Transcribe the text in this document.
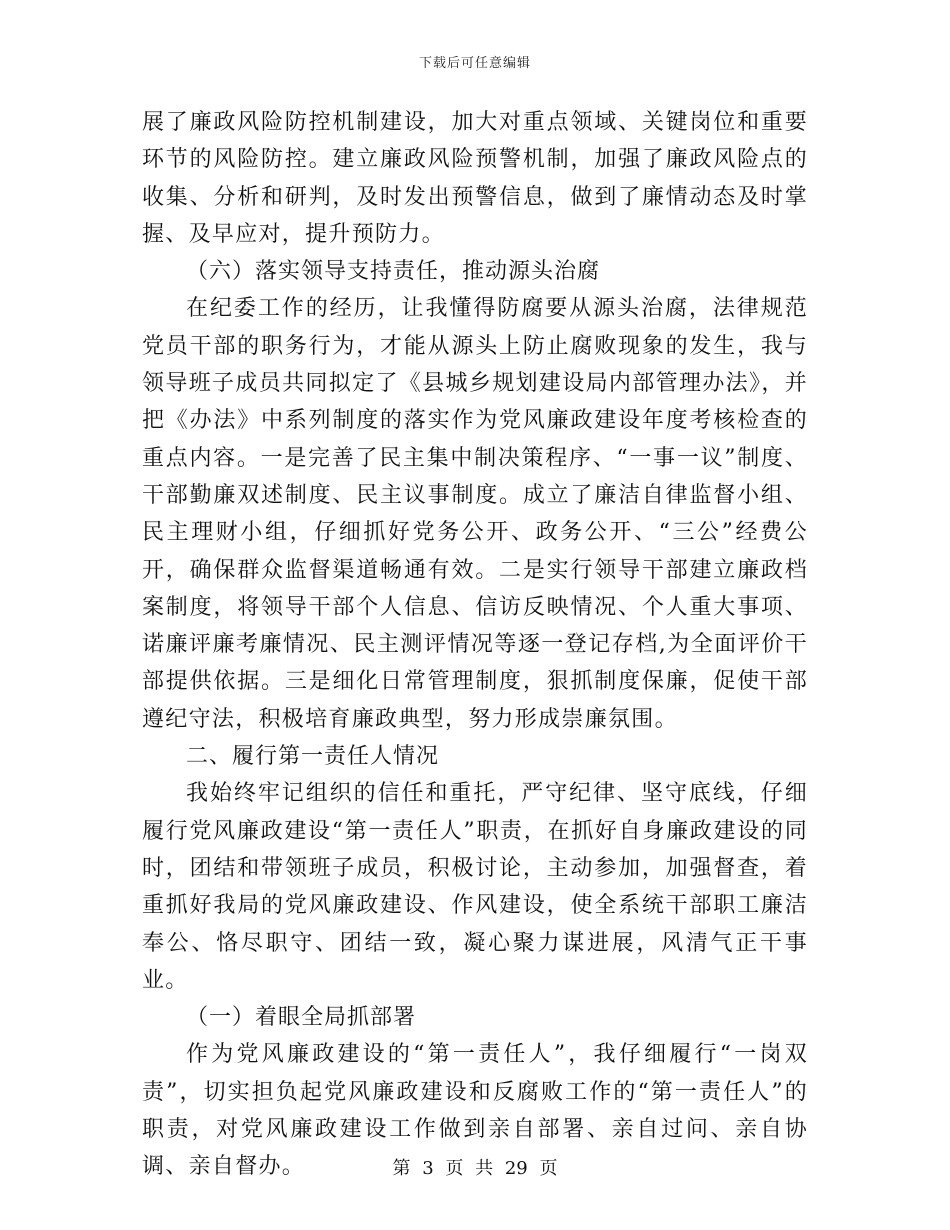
下载后可任意编辑

展了廉政风险防控机制建设，加大对重点领域、关键岗位和重要环节的风险防控。建立廉政风险预警机制，加强了廉政风险点的收集、分析和研判，及时发出预警信息，做到了廉情动态及时掌握、及早应对，提升预防力。

（六）落实领导支持责任，推动源头治腐

在纪委工作的经历，让我懂得防腐要从源头治腐，法律规范党员干部的职务行为，才能从源头上防止腐败现象的发生，我与领导班子成员共同拟定了《县城乡规划建设局内部管理办法》，并把《办法》中系列制度的落实作为党风廉政建设年度考核检查的重点内容。一是完善了民主集中制决策程序、“一事一议”制度、干部勤廉双述制度、民主议事制度。成立了廉洁自律监督小组、民主理财小组，仔细抓好党务公开、政务公开、“三公”经费公开，确保群众监督渠道畅通有效。二是实行领导干部建立廉政档案制度，将领导干部个人信息、信访反映情况、个人重大事项、诺廉评廉考廉情况、民主测评情况等逐一登记存档,为全面评价干部提供依据。三是细化日常管理制度，狠抓制度保廉，促使干部遵纪守法，积极培育廉政典型，努力形成崇廉氛围。

二、履行第一责任人情况

我始终牢记组织的信任和重托，严守纪律、坚守底线，仔细履行党风廉政建设“第一责任人”职责，在抓好自身廉政建设的同时，团结和带领班子成员，积极讨论，主动参加，加强督查，着重抓好我局的党风廉政建设、作风建设，使全系统干部职工廉洁奉公、恪尽职守、团结一致，凝心聚力谋进展，风清气正干事业。

（一）着眼全局抓部署

作为党风廉政建设的“第一责任人”，我仔细履行“一岗双责”，切实担负起党风廉政建设和反腐败工作的“第一责任人”的职责，对党风廉政建设工作做到亲自部署、亲自过问、亲自协调、亲自督办。	第 3 页 共 29 页
